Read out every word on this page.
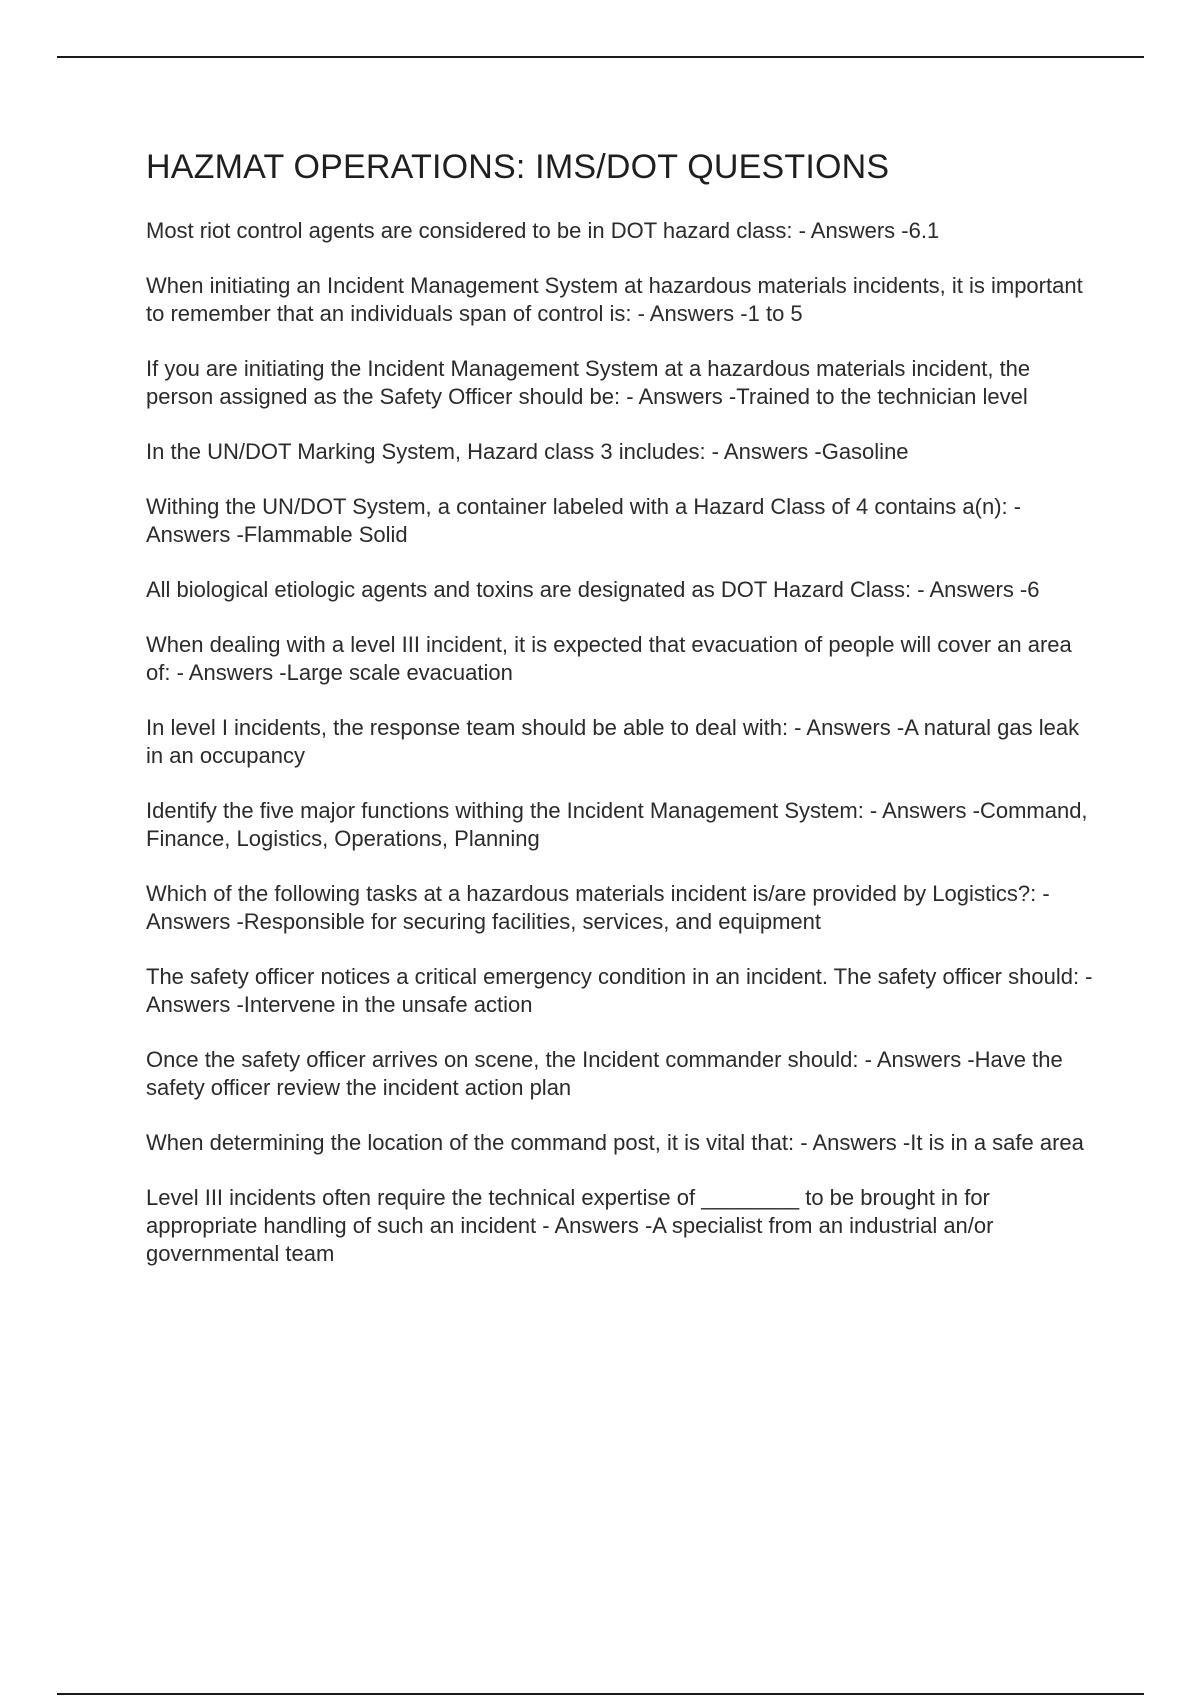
HAZMAT OPERATIONS: IMS/DOT QUESTIONS
Most riot control agents are considered to be in DOT hazard class: - Answers -6.1
When initiating an Incident Management System at hazardous materials incidents, it is important to remember that an individuals span of control is: - Answers -1 to 5
If you are initiating the Incident Management System at a hazardous materials incident, the person assigned as the Safety Officer should be: - Answers -Trained to the technician level
In the UN/DOT Marking System, Hazard class 3 includes: - Answers -Gasoline
Withing the UN/DOT System, a container labeled with a Hazard Class of 4 contains a(n): - Answers -Flammable Solid
All biological etiologic agents and toxins are designated as DOT Hazard Class: - Answers -6
When dealing with a level III incident, it is expected that evacuation of people will cover an area of: - Answers -Large scale evacuation
In level I incidents, the response team should be able to deal with: - Answers -A natural gas leak in an occupancy
Identify the five major functions withing the Incident Management System: - Answers -Command, Finance, Logistics, Operations, Planning
Which of the following tasks at a hazardous materials incident is/are provided by Logistics?: - Answers -Responsible for securing facilities, services, and equipment
The safety officer notices a critical emergency condition in an incident. The safety officer should: - Answers -Intervene in the unsafe action
Once the safety officer arrives on scene, the Incident commander should: - Answers -Have the safety officer review the incident action plan
When determining the location of the command post, it is vital that: - Answers -It is in a safe area
Level III incidents often require the technical expertise of ________ to be brought in for appropriate handling of such an incident - Answers -A specialist from an industrial an/or governmental team
